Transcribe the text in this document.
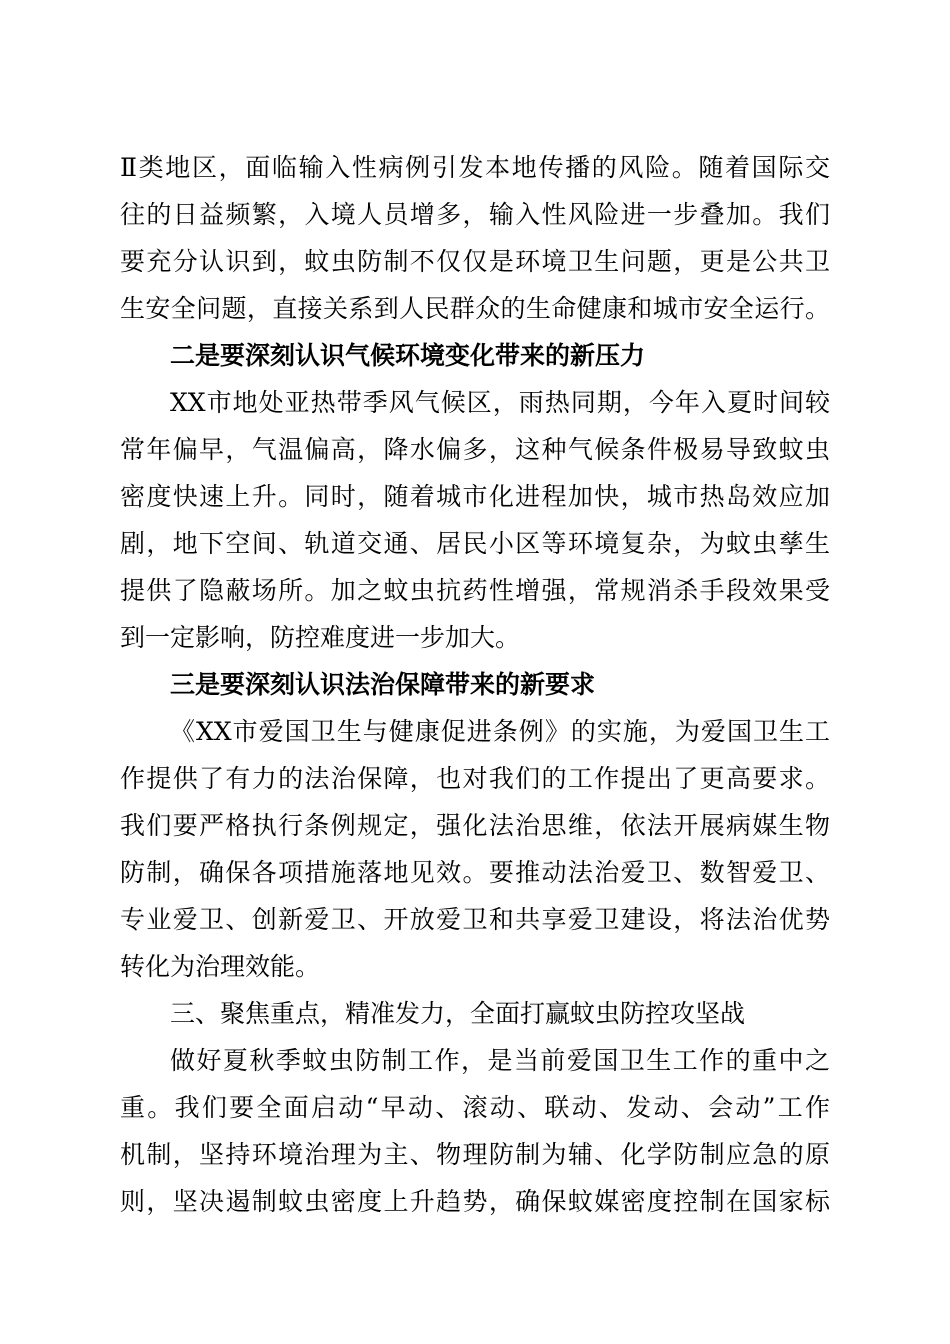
Ⅱ类地区，面临输入性病例引发本地传播的风险。随着国际交
往的日益频繁，入境人员增多，输入性风险进一步叠加。我们
要充分认识到，蚊虫防制不仅仅是环境卫生问题，更是公共卫
生安全问题，直接关系到人民群众的生命健康和城市安全运行。
二是要深刻认识气候环境变化带来的新压力
XX市地处亚热带季风气候区，雨热同期，今年入夏时间较
常年偏早，气温偏高，降水偏多，这种气候条件极易导致蚊虫
密度快速上升。同时，随着城市化进程加快，城市热岛效应加
剧，地下空间、轨道交通、居民小区等环境复杂，为蚊虫孳生
提供了隐蔽场所。加之蚊虫抗药性增强，常规消杀手段效果受
到一定影响，防控难度进一步加大。
三是要深刻认识法治保障带来的新要求
《XX市爱国卫生与健康促进条例》的实施，为爱国卫生工
作提供了有力的法治保障，也对我们的工作提出了更高要求。
我们要严格执行条例规定，强化法治思维，依法开展病媒生物
防制，确保各项措施落地见效。要推动法治爱卫、数智爱卫、
专业爱卫、创新爱卫、开放爱卫和共享爱卫建设，将法治优势
转化为治理效能。
三、聚焦重点，精准发力，全面打赢蚊虫防控攻坚战
做好夏秋季蚊虫防制工作，是当前爱国卫生工作的重中之
重。我们要全面启动“早动、滚动、联动、发动、会动”工作
机制，坚持环境治理为主、物理防制为辅、化学防制应急的原
则，坚决遏制蚊虫密度上升趋势，确保蚊媒密度控制在国家标
